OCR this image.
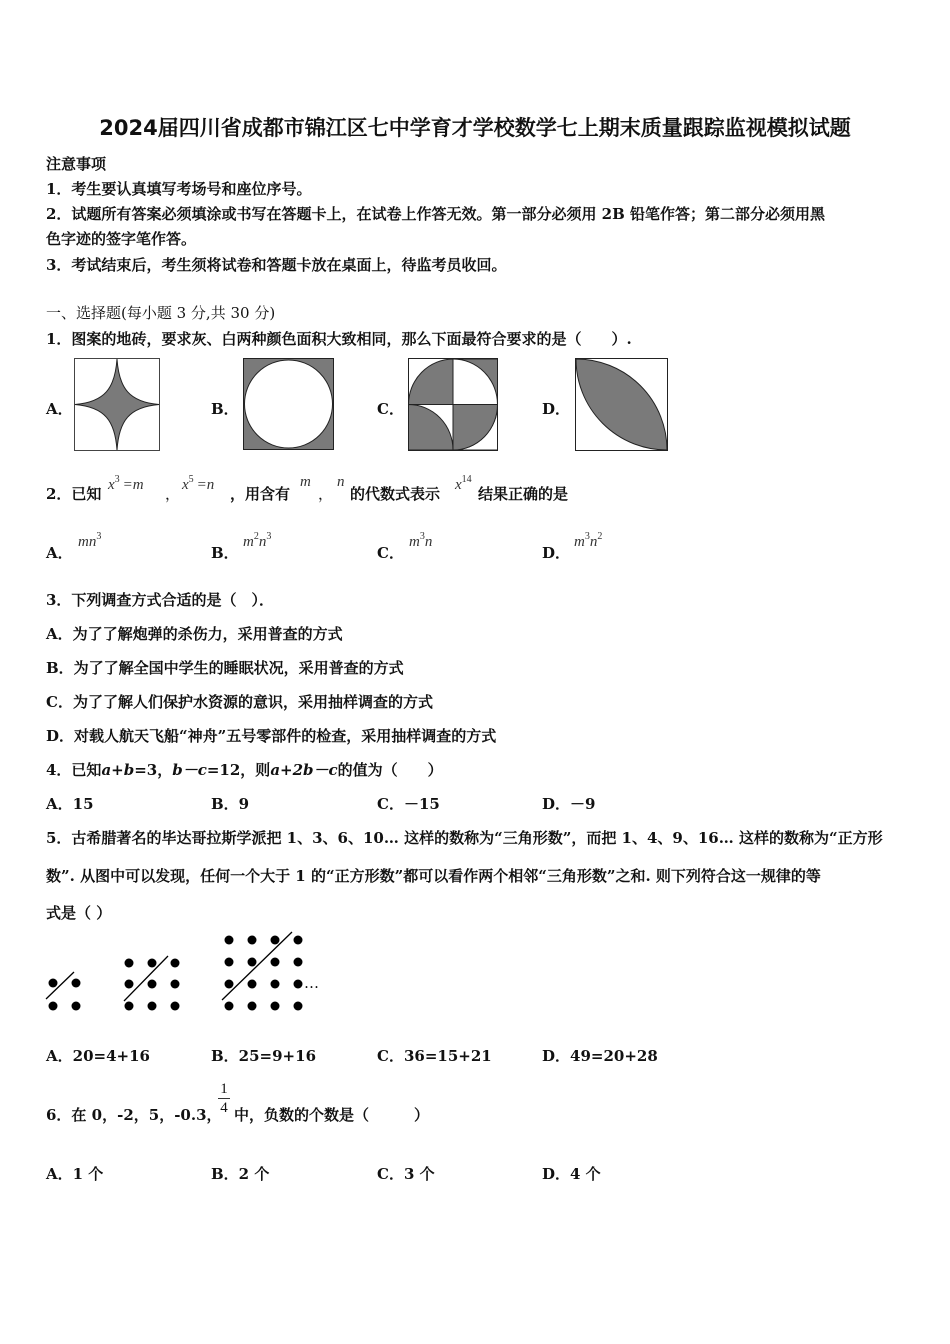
2024届四川省成都市锦江区七中学育才学校数学七上期末质量跟踪监视模拟试题
注意事项
1．考生要认真填写考场号和座位序号。
2．试题所有答案必须填涂或书写在答题卡上，在试卷上作答无效。第一部分必须用 2B 铅笔作答；第二部分必须用黑
色字迹的签字笔作答。
3．考试结束后，考生须将试卷和答题卡放在桌面上，待监考员收回。
一、选择题(每小题 3 分,共 30 分)
1．图案的地砖，要求灰、白两种颜色面积大致相同，那么下面最符合要求的是（　　）.
A．	B．	C．	D．
2．已知 $x^3 =m$ ， $x^5 =n$ ，用含有
m
，
n
的代数式表示 $x^{14}$
结果正确的是
A．
$mn^3$
B．
$m^2n^3$
C．
$m^3n$
D．
$m^3n^2$
3．下列调查方式合适的是（　）．
A．为了了解炮弹的杀伤力，采用普查的方式
B．为了了解全国中学生的睡眠状况，采用普查的方式
C．为了了解人们保护水资源的意识，采用抽样调查的方式
D．对载人航天飞船“神舟”五号零部件的检查，采用抽样调查的方式
4．已知a+b=3，b－c=12，则a+2b－c的值为（　　）
A．15	B．9	C．－15	D．－9
5．古希腊著名的毕达哥拉斯学派把 1、3、6、10… 这样的数称为“三角形数”，而把 1、4、9、16… 这样的数称为“正方形
数”. 从图中可以发现，任何一个大于 1 的“正方形数”都可以看作两个相邻“三角形数”之和. 则下列符合这一规律的等
式是（ ）
…
A．20=4+16	B．25=9+16	C．36=15+21	D．49=20+28
6．在 0，-2，5，-0.3，
1
4 中，负数的个数是（　　　）
A．1 个	B．2 个	C．3 个	D．4 个
